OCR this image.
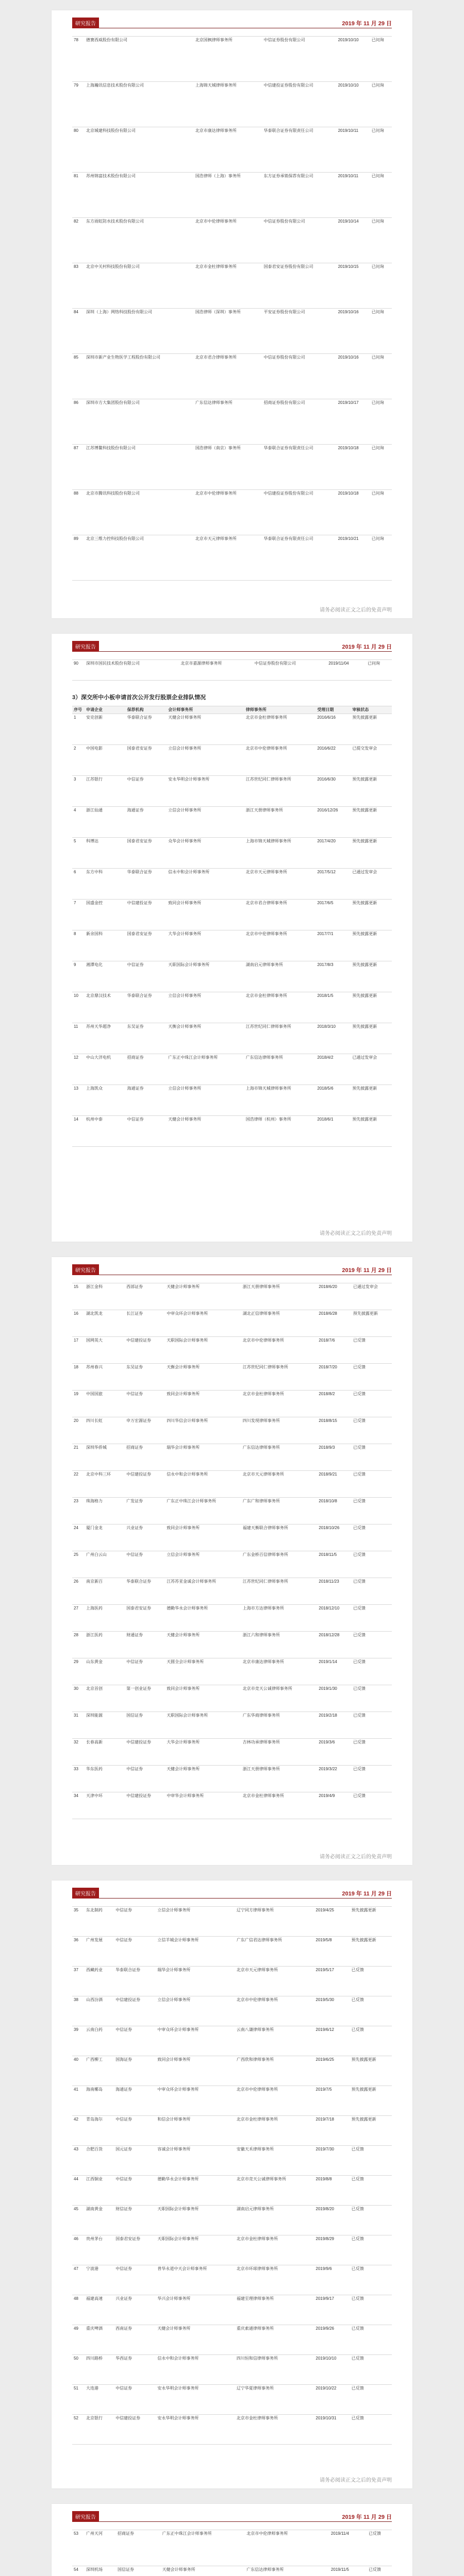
研究报告	2019 年 11 月 29 日
78	德赛西威股份有限公司	北京国枫律师事务所	中信证券股份有限公司	2019/10/10	已问询
79	上海瀚讯信息技术股份有限公司	上海锦天城律师事务所	中信建投证券股份有限公司	2019/10/10	已问询
80	北京城建科技股份有限公司	北京市康达律师事务所	华泰联合证券有限责任公司	2019/10/11	已问询
81	苏州锦富技术股份有限公司	国浩律师（上海）事务所	东方证券承销保荐有限公司	2019/10/11	已问询
82	东方雨虹防水技术股份有限公司	北京市中伦律师事务所	中信证券股份有限公司	2019/10/14	已问询
83	北京中关村科技股份有限公司	北京市金杜律师事务所	国泰君安证券股份有限公司	2019/10/15	已问询
84	深圳（上海）网络科技股份有限公司	国浩律师（深圳）事务所	平安证券股份有限公司	2019/10/16	已问询
85	深圳市新产业生物医学工程股份有限公司	北京市君合律师事务所	中信证券股份有限公司	2019/10/16	已问询
86	深圳市方大集团股份有限公司	广东信达律师事务所	招商证券股份有限公司	2019/10/17	已问询
87	江苏博鳌科技股份有限公司	国浩律师（南京）事务所	华泰联合证券有限责任公司	2019/10/18	已问询
88	北京市腾讯科技股份有限公司	北京市中伦律师事务所	中信建投证券股份有限公司	2019/10/18	已问询
89	北京三维力控科技股份有限公司	北京市天元律师事务所	华泰联合证券有限责任公司	2019/10/21	已问询
请务必阅读正文之后的免责声明
研究报告	2019 年 11 月 29 日
90	深圳市国民技术股份有限公司	北京市嘉源律师事务所	中信证券股份有限公司	2019/11/04	已问询
3）深交所中小板申请首次公开发行股票企业排队情况
序号	申请企业	保荐机构	会计师事务所	律师事务所	受理日期	审核状态
1	安克创新	华泰联合证券	天健会计师事务所	北京市金杜律师事务所	2016/6/16	预先披露更新
2	中国电影	国泰君安证券	立信会计师事务所	北京市中伦律师事务所	2016/6/22	已提交发审会
3	江苏银行	中信证券	安永华明会计师事务所	江苏世纪同仁律师事务所	2016/6/30	预先披露更新
4	浙江仙通	海通证券	立信会计师事务所	浙江天册律师事务所	2016/12/26	预先披露更新
5	科博达	国泰君安证券	众华会计师事务所	上海市锦天城律师事务所	2017/4/20	预先披露更新
6	东方中科	华泰联合证券	信永中和会计师事务所	北京市天元律师事务所	2017/5/12	已通过发审会
7	国盛金控	中信建投证券	致同会计师事务所	北京市君合律师事务所	2017/6/5	预先披露更新
8	新余国科	国泰君安证券	大华会计师事务所	北京市中伦律师事务所	2017/7/1	预先披露更新
9	湘潭电化	中信证券	天职国际会计师事务所	湖南启元律师事务所	2017/8/3	预先披露更新
10	北京鼎汉技术	华泰联合证券	立信会计师事务所	北京市金杜律师事务所	2018/1/5	预先披露更新
11	苏州天华超净	东吴证券	天衡会计师事务所	江苏世纪同仁律师事务所	2018/3/10	预先披露更新
12	中山大洋电机	招商证券	广东正中珠江会计师事务所	广东信达律师事务所	2018/4/2	已通过发审会
13	上海凯众	海通证券	立信会计师事务所	上海市锦天城律师事务所	2018/5/6	预先披露更新
14	杭州中泰	中信证券	天健会计师事务所	国浩律师（杭州）事务所	2018/6/1	预先披露更新
请务必阅读正文之后的免责声明
研究报告	2019 年 11 月 29 日
15	浙江金科	西部证券	天健会计师事务所	浙江天册律师事务所	2018/6/20	已通过发审会
16	湖北凯龙	长江证券	中审众环会计师事务所	湖北正信律师事务所	2018/6/28	预先披露更新
17	国网英大	中信建投证券	天职国际会计师事务所	北京市中伦律师事务所	2018/7/6	已反馈
18	苏州春兴	东吴证券	天衡会计师事务所	江苏世纪同仁律师事务所	2018/7/20	已反馈
19	中国国旅	中信证券	致同会计师事务所	北京市金杜律师事务所	2018/8/2	已反馈
20	四川长虹	申万宏源证券	四川华信会计师事务所	四川发现律师事务所	2018/8/15	已反馈
21	深圳华侨城	招商证券	瑞华会计师事务所	广东信达律师事务所	2018/9/3	已反馈
22	北京中科三环	中信建投证券	信永中和会计师事务所	北京市天元律师事务所	2018/9/21	已反馈
23	珠海格力	广发证券	广东正中珠江会计师事务所	广东广和律师事务所	2018/10/8	已反馈
24	厦门金龙	兴业证券	致同会计师事务所	福建天衡联合律师事务所	2018/10/26	已反馈
25	广州白云山	中信证券	立信会计师事务所	广东金桥百信律师事务所	2018/11/5	已反馈
26	南京新百	华泰联合证券	江苏苏亚金诚会计师事务所	江苏世纪同仁律师事务所	2018/11/23	已反馈
27	上海医药	国泰君安证券	德勤华永会计师事务所	上海市方达律师事务所	2018/12/10	已反馈
28	浙江医药	财通证券	天健会计师事务所	浙江六和律师事务所	2018/12/28	已反馈
29	山东黄金	中信证券	天圆全会计师事务所	北京市康达律师事务所	2019/1/14	已反馈
30	北京首创	第一创业证券	致同会计师事务所	北京市竞天公诚律师事务所	2019/1/30	已反馈
31	深圳能源	国信证券	天职国际会计师事务所	广东华商律师事务所	2019/2/18	已反馈
32	长春高新	中信建投证券	大华会计师事务所	吉林功承律师事务所	2019/3/6	已反馈
33	华东医药	中信证券	天健会计师事务所	浙江天册律师事务所	2019/3/22	已反馈
34	天津中环	中信建投证券	中审华会计师事务所	北京市金杜律师事务所	2019/4/9	已反馈
请务必阅读正文之后的免责声明
研究报告	2019 年 11 月 29 日
35	东北制药	中信证券	立信会计师事务所	辽宁同方律师事务所	2019/4/25	预先披露更新
36	广州发展	中信证券	立信羊城会计师事务所	广东广信君达律师事务所	2019/5/8	预先披露更新
37	西藏药业	华泰联合证券	瑞华会计师事务所	北京市天元律师事务所	2019/5/17	已反馈
38	山西汾酒	中信建投证券	立信会计师事务所	北京市中伦律师事务所	2019/5/30	已反馈
39	云南白药	中信证券	中审众环会计师事务所	云南八谦律师事务所	2019/6/12	已反馈
40	广西柳工	国海证券	致同会计师事务所	广西欣和律师事务所	2019/6/25	预先披露更新
41	海南椰岛	海通证券	中审众环会计师事务所	北京市中伦律师事务所	2019/7/5	预先披露更新
42	青岛海尔	中信证券	和信会计师事务所	北京市金杜律师事务所	2019/7/18	预先披露更新
43	合肥百货	国元证券	容诚会计师事务所	安徽天禾律师事务所	2019/7/30	已反馈
44	江西铜业	中信证券	德勤华永会计师事务所	北京市竞天公诚律师事务所	2019/8/8	已反馈
45	湖南黄金	财信证券	天职国际会计师事务所	湖南启元律师事务所	2019/8/20	已反馈
46	贵州茅台	国泰君安证券	天职国际会计师事务所	北京市金杜律师事务所	2019/8/29	已反馈
47	宁波港	中信证券	普华永道中天会计师事务所	北京市环球律师事务所	2019/9/6	已反馈
48	福建高速	兴业证券	华兴会计师事务所	福建至理律师事务所	2019/9/17	已反馈
49	重庆啤酒	西南证券	天健会计师事务所	重庆索通律师事务所	2019/9/26	已反馈
50	四川路桥	华西证券	信永中和会计师事务所	四川恒和信律师事务所	2019/10/10	已反馈
51	大连港	中信证券	安永华明会计师事务所	辽宁华夏律师事务所	2019/10/22	已反馈
52	北京银行	中信建投证券	安永华明会计师事务所	北京市金杜律师事务所	2019/10/31	已反馈
请务必阅读正文之后的免责声明
研究报告	2019 年 11 月 29 日
53	广州天河	招商证券	广东正中珠江会计师事务所	北京市中伦律师事务所	2019/11/4	已反馈
54	深圳机场	国信证券	天健会计师事务所	广东信达律师事务所	2019/11/5	已反馈
